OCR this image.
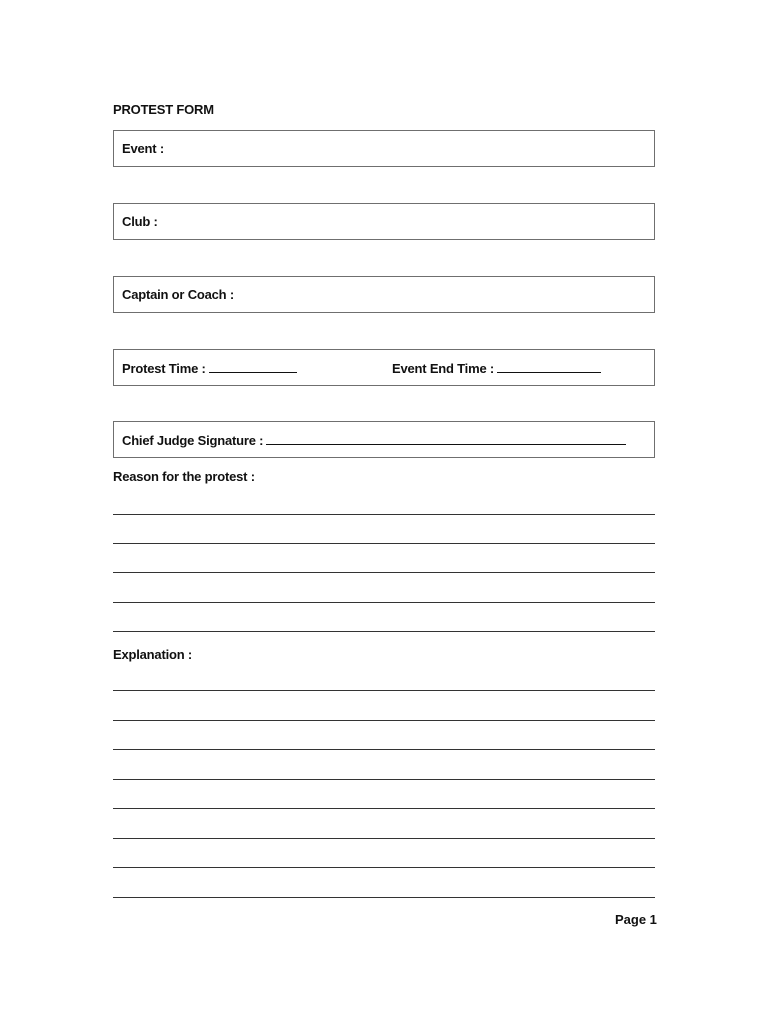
PROTEST FORM
Event :
Club :
Captain or Coach :
Protest Time :	Event End Time :
Chief Judge Signature :
Reason for the protest :
Explanation :
Page 1
